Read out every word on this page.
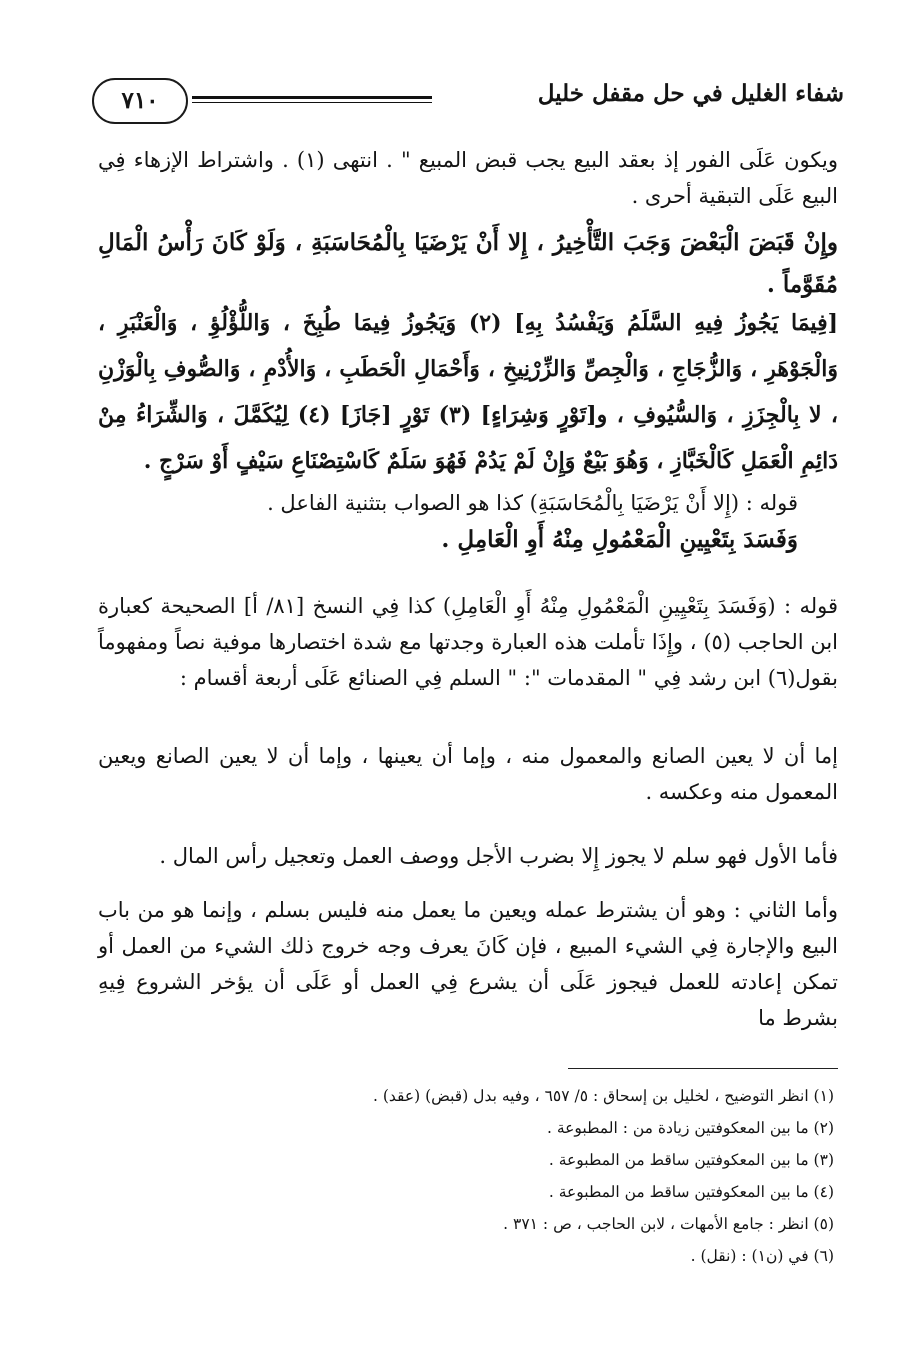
٧١٠	شفاء الغليل في حل مقفل خليل

ويكون عَلَى الفور إذ بعقد البيع يجب قبض المبيع " . انتهى (١) . واشتراط الإزهاء فِي البيع عَلَى التبقية أحرى .

وإِنْ قَبَضَ الْبَعْضَ وَجَبَ التَّأْخِيرُ ، إِلا أَنْ يَرْضَيَا بِالْمُحَاسَبَةِ ، وَلَوْ كَانَ رَأْسُ الْمَالِ مُقَوَّماً .

[فِيمَا يَجُوزُ فِيهِ السَّلَمُ وَيَفْسُدُ بِهِ] (٢) وَيَجُوزُ فِيمَا طُبِخَ ، وَاللُّؤْلُؤِ ، وَالْعَنْبَرِ ، وَالْجَوْهَرِ ، وَالزُّجَاجِ ، وَالْجِصِّ وَالزِّرْنِيخِ ، وَأَحْمَالِ الْحَطَبِ ، وَالأُدْمِ ، وَالصُّوفِ بِالْوَزْنِ ، لا بِالْجِزَزِ ، وَالسُّيُوفِ ، و[تَوْرٍ وَشِرَاءٍ] (٣) تَوْرٍ [جَازَ] (٤) لِيُكَمَّلَ ، وَالشِّرَاءُ مِنْ دَائِمِ الْعَمَلِ كَالْخَبَّازِ ، وَهُوَ بَيْعٌ وَإِنْ لَمْ يَدُمْ فَهُوَ سَلَمٌ كَاسْتِصْنَاعِ سَيْفٍ أَوْ سَرْجٍ .

قوله : (إِلا أَنْ يَرْضَيَا بِالْمُحَاسَبَةِ) كذا هو الصواب بتثنية الفاعل .

وَفَسَدَ بِتَعْيِينِ الْمَعْمُولِ مِنْهُ أَوِ الْعَامِلِ .

قوله : (وَفَسَدَ بِتَعْيِينِ الْمَعْمُولِ مِنْهُ أَوِ الْعَامِلِ) كذا فِي النسخ [٨١/ أ] الصحيحة كعبارة ابن الحاجب (٥) ، وإِذَا تأملت هذه العبارة وجدتها مع شدة اختصارها موفية نصاً ومفهوماً بقول(٦) ابن رشد فِي " المقدمات ": " السلم فِي الصنائع عَلَى أربعة أقسام :

إما أن لا يعين الصانع والمعمول منه ، وإما أن يعينها ، وإما أن لا يعين الصانع ويعين المعمول منه وعكسه .

فأما الأول فهو سلم لا يجوز إِلا بضرب الأجل ووصف العمل وتعجيل رأس المال .

وأما الثاني : وهو أن يشترط عمله ويعين ما يعمل منه فليس بسلم ، وإنما هو من باب البيع والإجارة فِي الشيء المبيع ، فإن كَانَ يعرف وجه خروج ذلك الشيء من العمل أو تمكن إعادته للعمل فيجوز عَلَى أن يشرع فِي العمل أو عَلَى أن يؤخر الشروع فِيهِ بشرط ما

(١) انظر التوضيح ، لخليل بن إسحاق : ٥/ ٦٥٧ ، وفيه بدل (قبض) (عقد) .
(٢) ما بين المعكوفتين زيادة من : المطبوعة .
(٣) ما بين المعكوفتين ساقط من المطبوعة .
(٤) ما بين المعكوفتين ساقط من المطبوعة .
(٥) انظر : جامع الأمهات ، لابن الحاجب ، ص : ٣٧١ .
(٦) في (ن١) : (نقل) .
